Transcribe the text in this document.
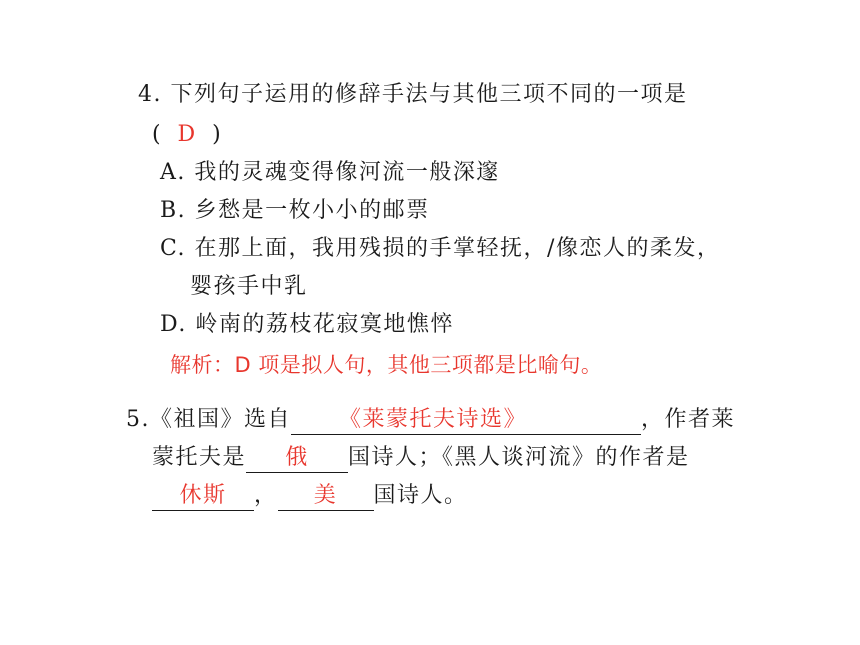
4. 下列句子运用的修辞手法与其他三项不同的一项是
( D )
A. 我的灵魂变得像河流一般深邃
B. 乡愁是一枚小小的邮票
C. 在那上面，我用残损的手掌轻抚，/像恋人的柔发，
婴孩手中乳
D. 岭南的荔枝花寂寞地憔悴
解析：D 项是拟人句，其他三项都是比喻句。
5.《祖国》选自 《莱蒙托夫诗选》	，作者莱
蒙托夫是 俄 国诗人；《黑人谈河流》的作者是
休斯 ， 美 国诗人。
